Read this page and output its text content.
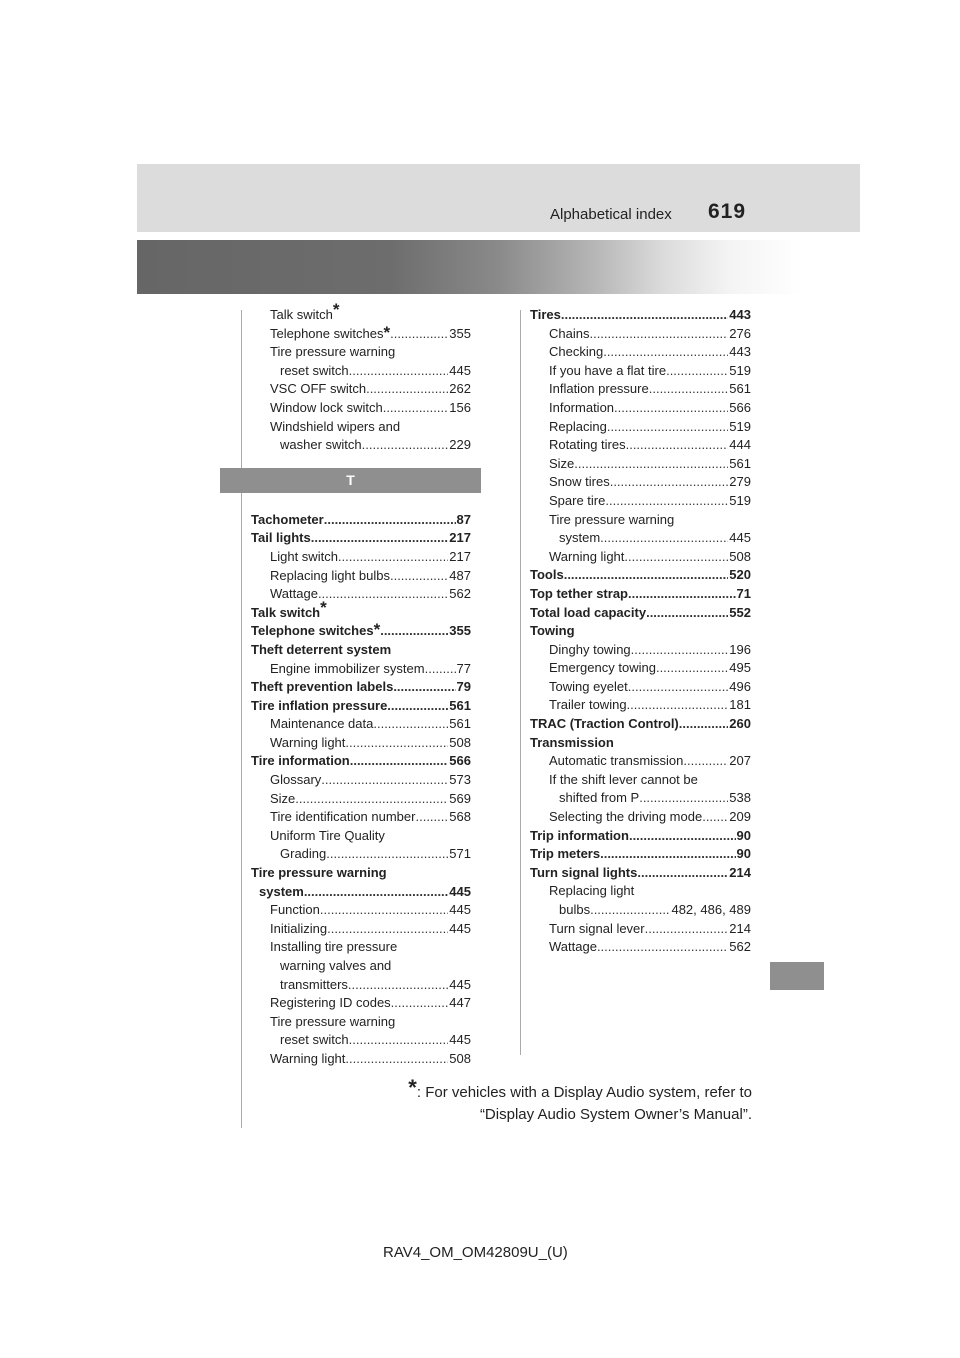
Alphabetical index 619
Talk switch*
Telephone switches * .....	355
Tire pressure warning
reset switch .....	445
VSC OFF switch .....	262
Window lock switch .....	156
Windshield wipers and
washer switch .....	229
T
Tachometer .....	87
Tail lights .....	217
Light switch .....	217
Replacing light bulbs .....	487
Wattage .....	562
Talk switch*
Telephone switches * .....	355
Theft deterrent system
Engine immobilizer system ..... 77
Theft prevention labels .....	79
Tire inflation pressure .....	561
Maintenance data .....	561
Warning light .....	508
Tire information .....	566
Glossary .....	573
Size .....	569
Tire identification number .....	568
Uniform Tire Quality
Grading .....	571
Tire pressure warning
system .....	445
Function .....	445
Initializing .....	445
Installing tire pressure
warning valves and
transmitters .....	445
Registering ID codes .....	447
Tire pressure warning
reset switch .....	445
Warning light .....	508
Tires .....	443
Chains .....	276
Checking .....	443
If you have a flat tire .....	519
Inflation pressure .....	561
Information .....	566
Replacing .....	519
Rotating tires .....	444
Size .....	561
Snow tires .....	279
Spare tire .....	519
Tire pressure warning
system .....	445
Warning light .....	508
Tools .....	520
Top tether strap .....	71
Total load capacity .....	552
Towing
Dinghy towing .....	196
Emergency towing .....	495
Towing eyelet .....	496
Trailer towing .....	181
TRAC (Traction Control) .....	260
Transmission
Automatic transmission .....	207
If the shift lever cannot be
shifted from P .....	538
Selecting the driving mode ..... 209
Trip information .....	90
Trip meters .....	90
Turn signal lights .....	214
Replacing light
bulbs .....	482, 486, 489
Turn signal lever .....	214
Wattage .....	562
*: For vehicles with a Display Audio system, refer to
“Display Audio System Owner’s Manual”.
RAV4_OM_OM42809U_(U)
